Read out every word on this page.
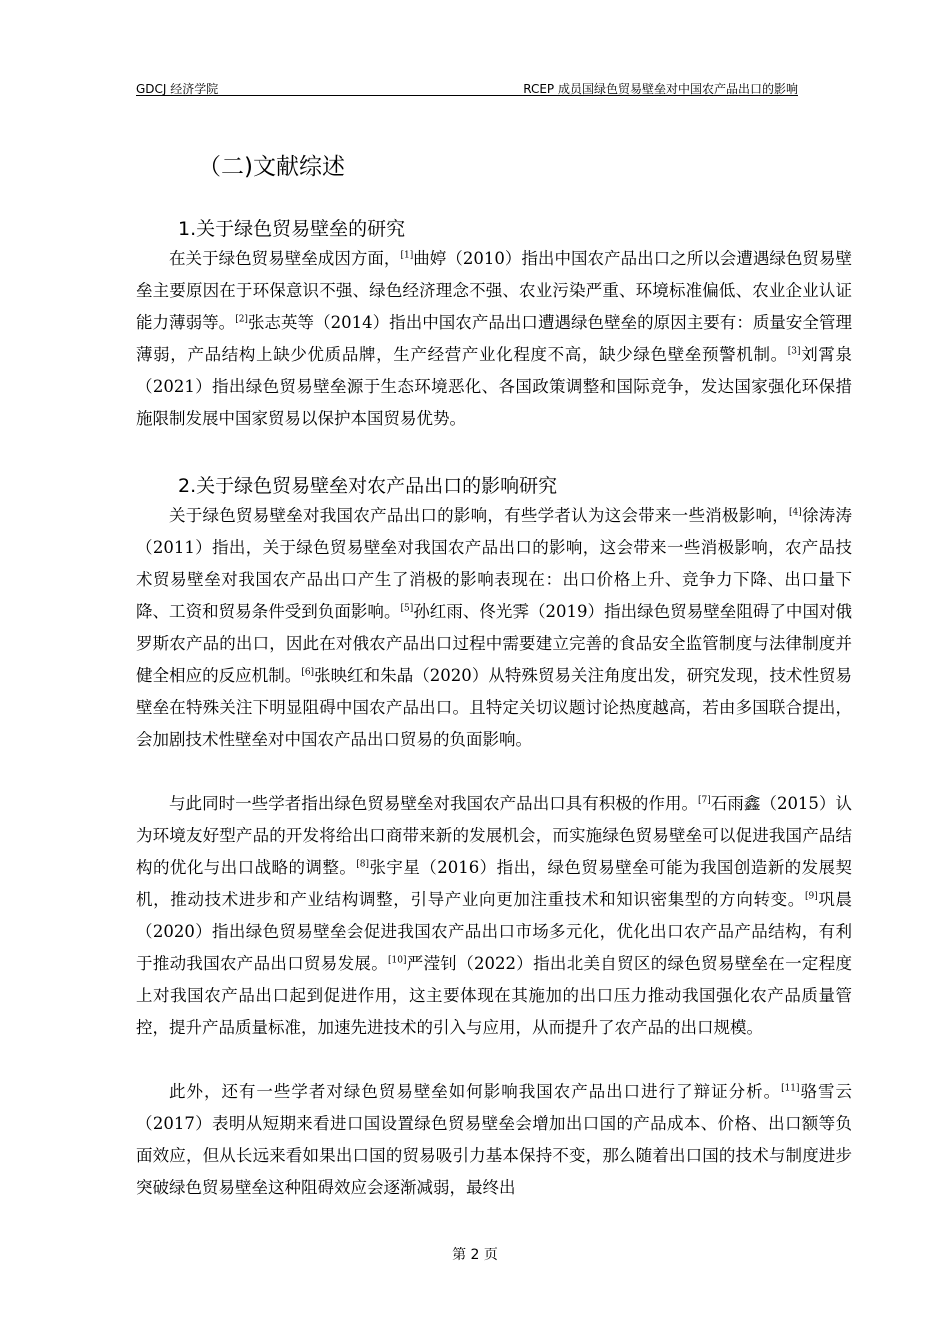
GDCJ 经济学院	RCEP 成员国绿色贸易壁垒对中国农产品出口的影响
（二)文献综述
1.关于绿色贸易壁垒的研究

在关于绿色贸易壁垒成因方面，[1]曲婷（2010）指出中国农产品出口之所以会遭遇绿色贸易壁垒主要原因在于环保意识不强、绿色经济理念不强、农业污染严重、环境标准偏低、农业企业认证能力薄弱等。[2]张志英等（2014）指出中国农产品出口遭遇绿色壁垒的原因主要有：质量安全管理薄弱，产品结构上缺少优质品牌，生产经营产业化程度不高，缺少绿色壁垒预警机制。[3]刘霄泉（2021）指出绿色贸易壁垒源于生态环境恶化、各国政策调整和国际竞争，发达国家强化环保措施限制发展中国家贸易以保护本国贸易优势。

2.关于绿色贸易壁垒对农产品出口的影响研究

关于绿色贸易壁垒对我国农产品出口的影响，有些学者认为这会带来一些消极影响，[4]徐涛涛（2011）指出，关于绿色贸易壁垒对我国农产品出口的影响，这会带来一些消极影响，农产品技术贸易壁垒对我国农产品出口产生了消极的影响表现在：出口价格上升、竞争力下降、出口量下降、工资和贸易条件受到负面影响。[5]孙红雨、佟光霁（2019）指出绿色贸易壁垒阻碍了中国对俄罗斯农产品的出口，因此在对俄农产品出口过程中需要建立完善的食品安全监管制度与法律制度并健全相应的反应机制。[6]张映红和朱晶（2020）从特殊贸易关注角度出发，研究发现，技术性贸易壁垒在特殊关注下明显阻碍中国农产品出口。且特定关切议题讨论热度越高，若由多国联合提出，会加剧技术性壁垒对中国农产品出口贸易的负面影响。

与此同时一些学者指出绿色贸易壁垒对我国农产品出口具有积极的作用。[7]石雨鑫（2015）认为环境友好型产品的开发将给出口商带来新的发展机会，而实施绿色贸易壁垒可以促进我国产品结构的优化与出口战略的调整。[8]张宇星（2016）指出，绿色贸易壁垒可能为我国创造新的发展契机，推动技术进步和产业结构调整，引导产业向更加注重技术和知识密集型的方向转变。[9]巩晨（2020）指出绿色贸易壁垒会促进我国农产品出口市场多元化，优化出口农产品产品结构，有利于推动我国农产品出口贸易发展。[10]严滢钊（2022）指出北美自贸区的绿色贸易壁垒在一定程度上对我国农产品出口起到促进作用，这主要体现在其施加的出口压力推动我国强化农产品质量管控，提升产品质量标准，加速先进技术的引入与应用，从而提升了农产品的出口规模。

此外，还有一些学者对绿色贸易壁垒如何影响我国农产品出口进行了辩证分析。[11]骆雪云（2017）表明从短期来看进口国设置绿色贸易壁垒会增加出口国的产品成本、价格、出口额等负面效应，但从长远来看如果出口国的贸易吸引力基本保持不变，那么随着出口国的技术与制度进步突破绿色贸易壁垒这种阻碍效应会逐渐减弱，最终出

第 2 页
